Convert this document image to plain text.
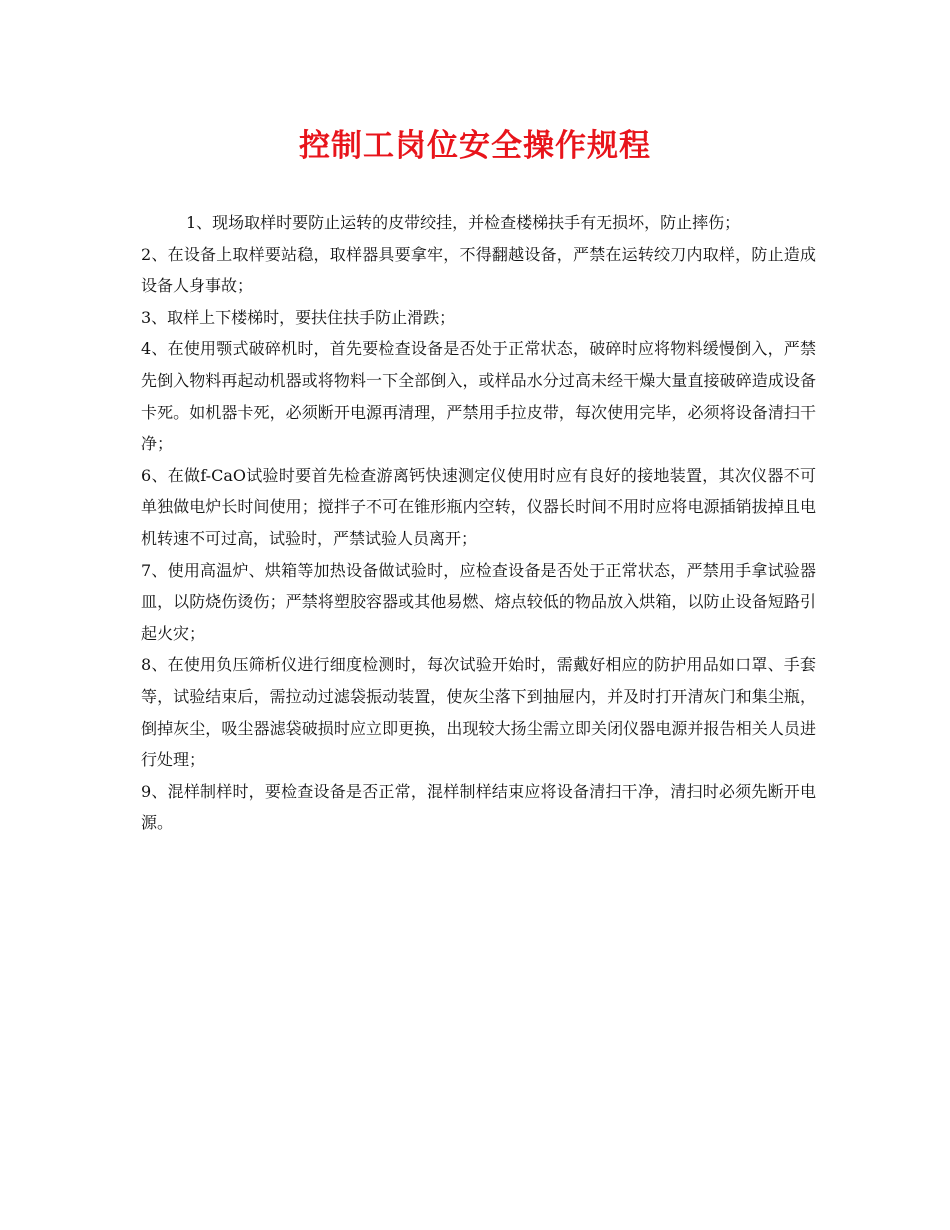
控制工岗位安全操作规程

1、现场取样时要防止运转的皮带绞挂，并检查楼梯扶手有无损坏，防止摔伤；

2、在设备上取样要站稳，取样器具要拿牢，不得翻越设备，严禁在运转绞刀内取样，防止造成设备人身事故；

3、取样上下楼梯时，要扶住扶手防止滑跌；

4、在使用颚式破碎机时，首先要检查设备是否处于正常状态，破碎时应将物料缓慢倒入，严禁先倒入物料再起动机器或将物料一下全部倒入，或样品水分过高未经干燥大量直接破碎造成设备卡死。如机器卡死，必须断开电源再清理，严禁用手拉皮带，每次使用完毕，必须将设备清扫干净；

6、在做f-CaO试验时要首先检查游离钙快速测定仪使用时应有良好的接地装置，其次仪器不可单独做电炉长时间使用；搅拌子不可在锥形瓶内空转，仪器长时间不用时应将电源插销拔掉且电机转速不可过高，试验时，严禁试验人员离开；

7、使用高温炉、烘箱等加热设备做试验时，应检查设备是否处于正常状态，严禁用手拿试验器皿，以防烧伤烫伤；严禁将塑胶容器或其他易燃、熔点较低的物品放入烘箱，以防止设备短路引起火灾；

8、在使用负压筛析仪进行细度检测时，每次试验开始时，需戴好相应的防护用品如口罩、手套等，试验结束后，需拉动过滤袋振动装置，使灰尘落下到抽屉内，并及时打开清灰门和集尘瓶，倒掉灰尘，吸尘器滤袋破损时应立即更换，出现较大扬尘需立即关闭仪器电源并报告相关人员进行处理；

9、混样制样时，要检查设备是否正常，混样制样结束应将设备清扫干净，清扫时必须先断开电源。
